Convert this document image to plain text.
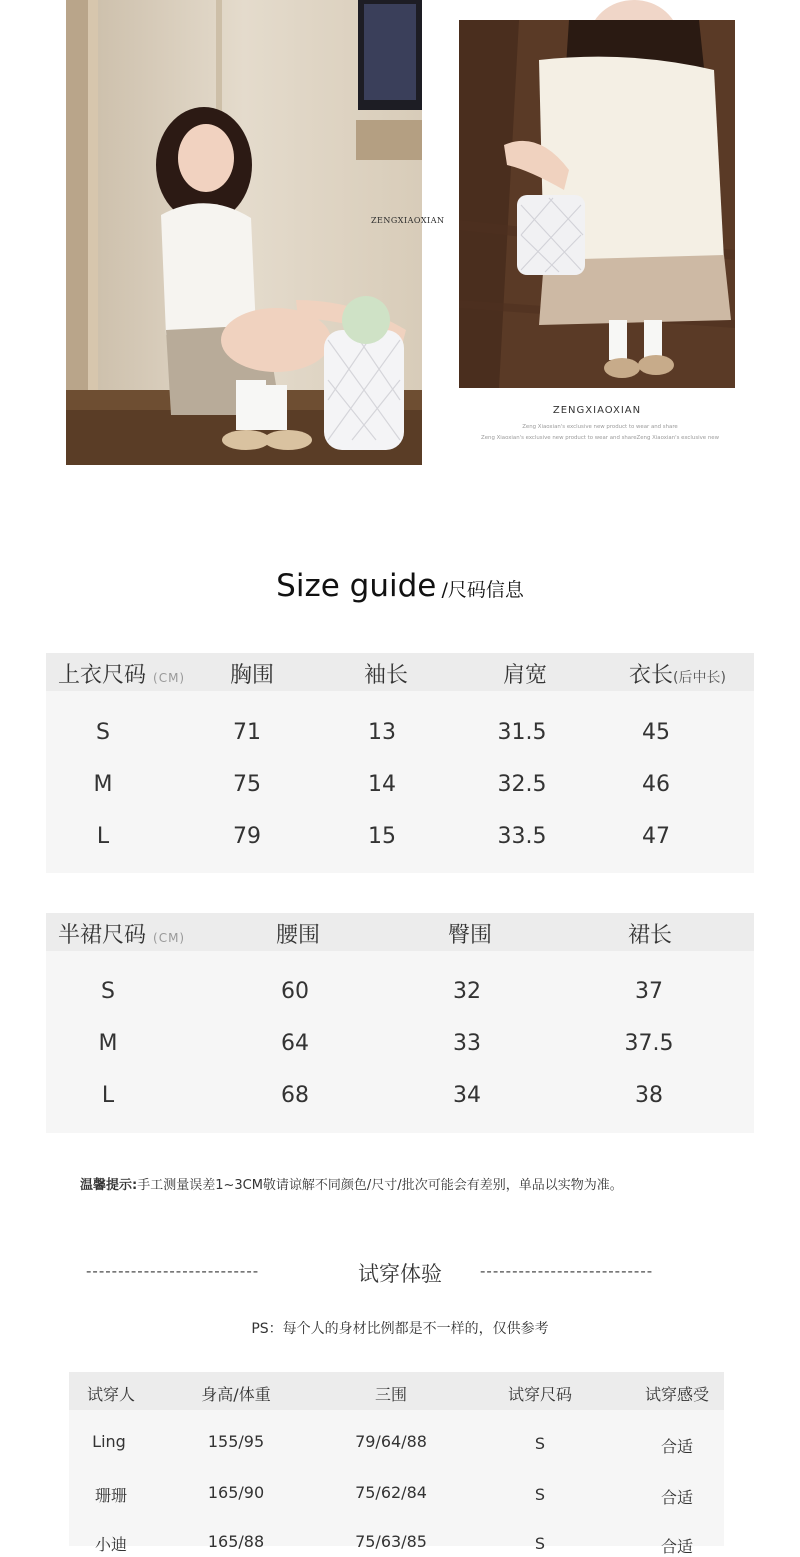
ZENGXIAOXIAN
ZENGXIAOXIAN
Zeng Xiaoxian's exclusive new product to wear and share
Zeng Xiaoxian's exclusive new product to wear and shareZeng Xiaoxian's exclusive new
Size guide /尺码信息
上衣尺码 (CM)	胸围	袖长	肩宽	衣长(后中长)
S	71	13	31.5	45
M	75	14	32.5	46
L	79	15	33.5	47
半裙尺码 (CM)	腰围	臀围	裙长
S	60	32	37
M	64	33	37.5
L	68	34	38
温馨提示:手工测量误差1~3CM敬请谅解不同颜色/尺寸/批次可能会有差别，单品以实物为准。
---------------------------	试穿体验	---------------------------
PS：每个人的身材比例都是不一样的，仅供参考
试穿人	身高/体重	三围	试穿尺码	试穿感受
Ling	155/95	79/64/88	S	合适
珊珊	165/90	75/62/84	S	合适
小迪	165/88	75/63/85	S	合适
